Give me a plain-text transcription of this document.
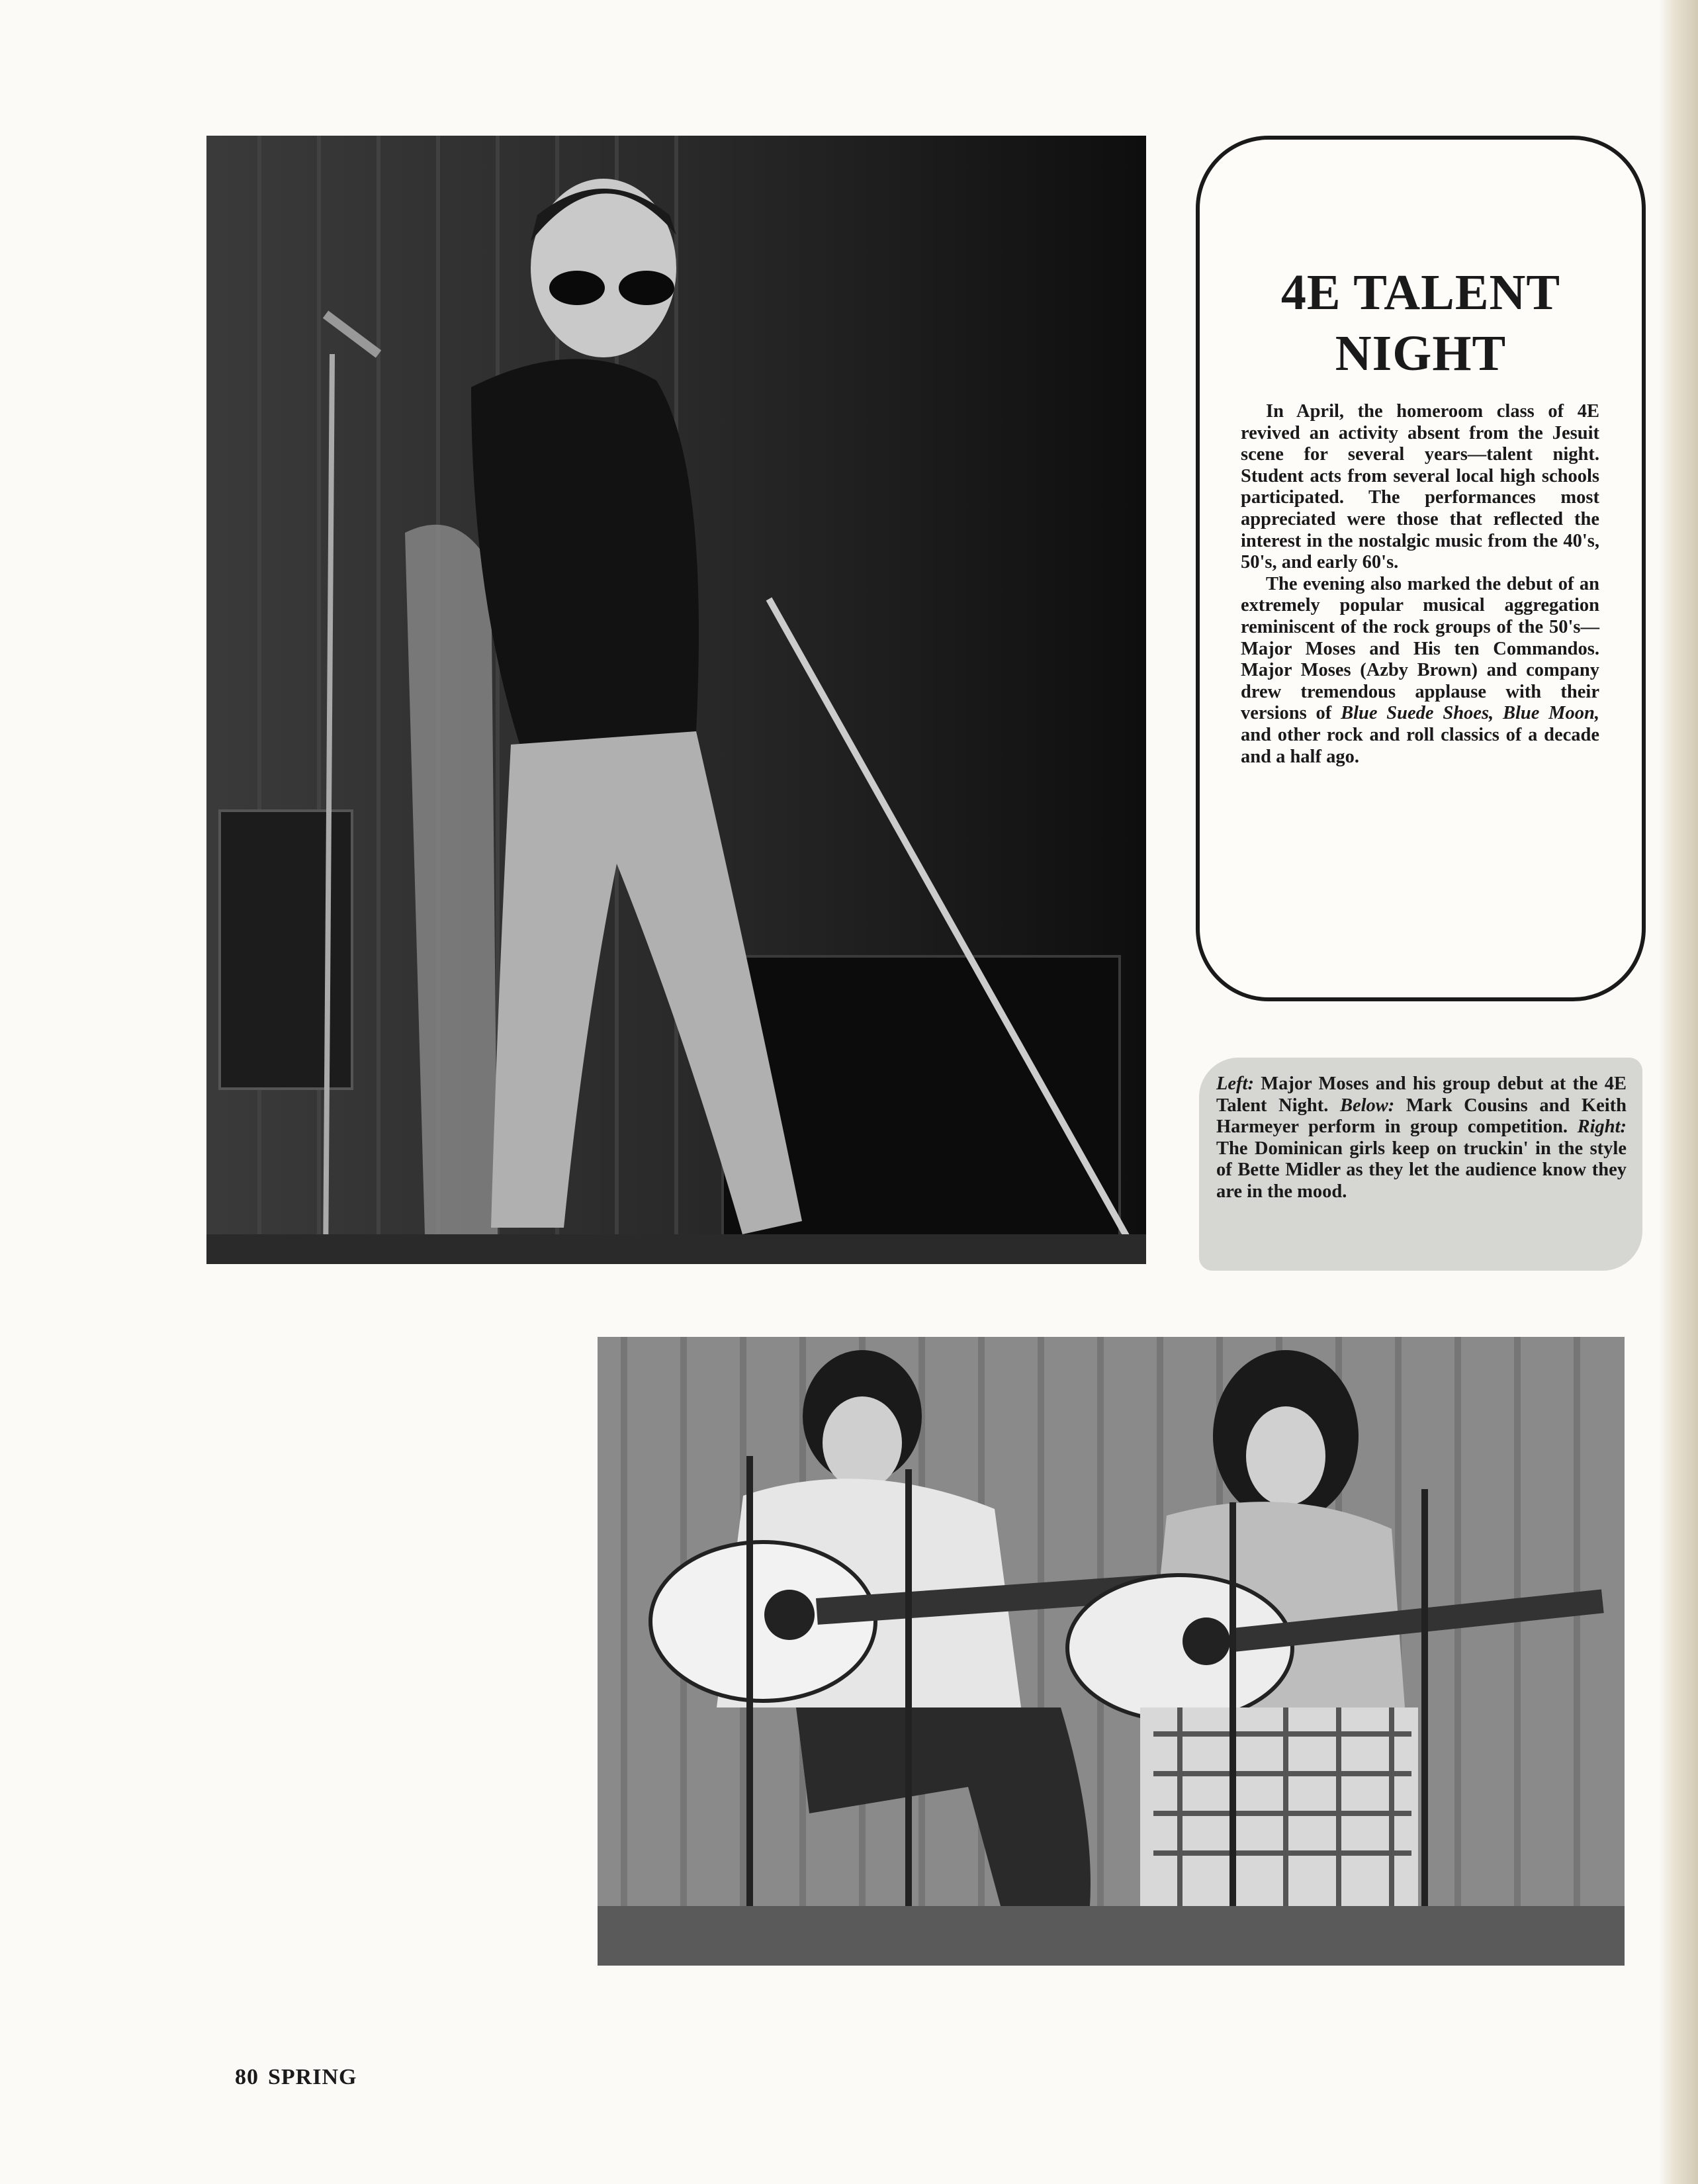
4E TALENT NIGHT

In April, the homeroom class of 4E revived an activity absent from the Jesuit scene for several years—talent night. Student acts from several local high schools participated. The performances most appreciated were those that reflected the interest in the nostalgic music from the 40's, 50's, and early 60's.

The evening also marked the debut of an extremely popular musical aggregation reminiscent of the rock groups of the 50's—Major Moses and His ten Commandos. Major Moses (Azby Brown) and company drew tremendous applause with their versions of Blue Suede Shoes, Blue Moon, and other rock and roll classics of a decade and a half ago.

Left: Major Moses and his group debut at the 4E Talent Night. Below: Mark Cousins and Keith Harmeyer perform in group competition. Right: The Dominican girls keep on truckin' in the style of Bette Midler as they let the audience know they are in the mood.
80 SPRING
